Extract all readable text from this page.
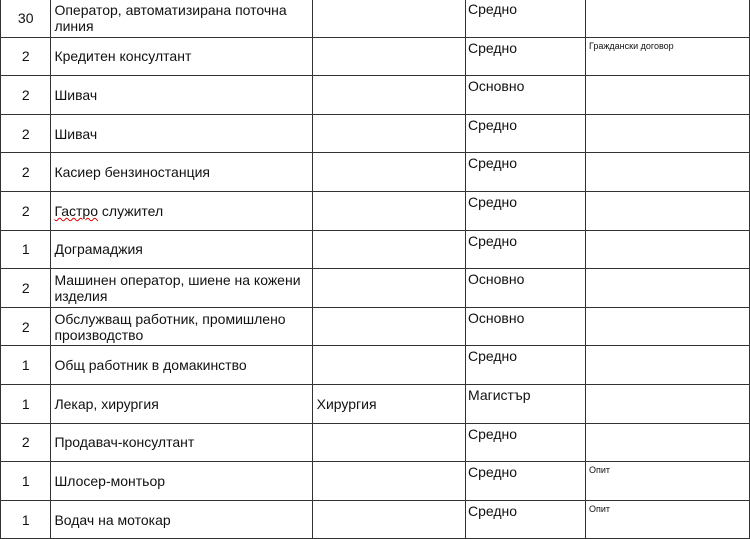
30	Оператор, автоматизирана поточна линия		Средно	
2	Кредитен консултант		Средно	Граждански договор
2	Шивач		Основно	
2	Шивач		Средно	
2	Касиер бензиностанция		Средно	
2	Гастро служител		Средно	
1	Дограмаджия		Средно	
2	Машинен оператор, шиене на кожени изделия		Основно	
2	Обслужващ работник, промишлено производство		Основно	
1	Общ работник в домакинство		Средно	
1	Лекар, хирургия	Хирургия	Магистър	
2	Продавач-консултант		Средно	
1	Шлосер-монтьор		Средно	Опит
1	Водач на мотокар		Средно	Опит
